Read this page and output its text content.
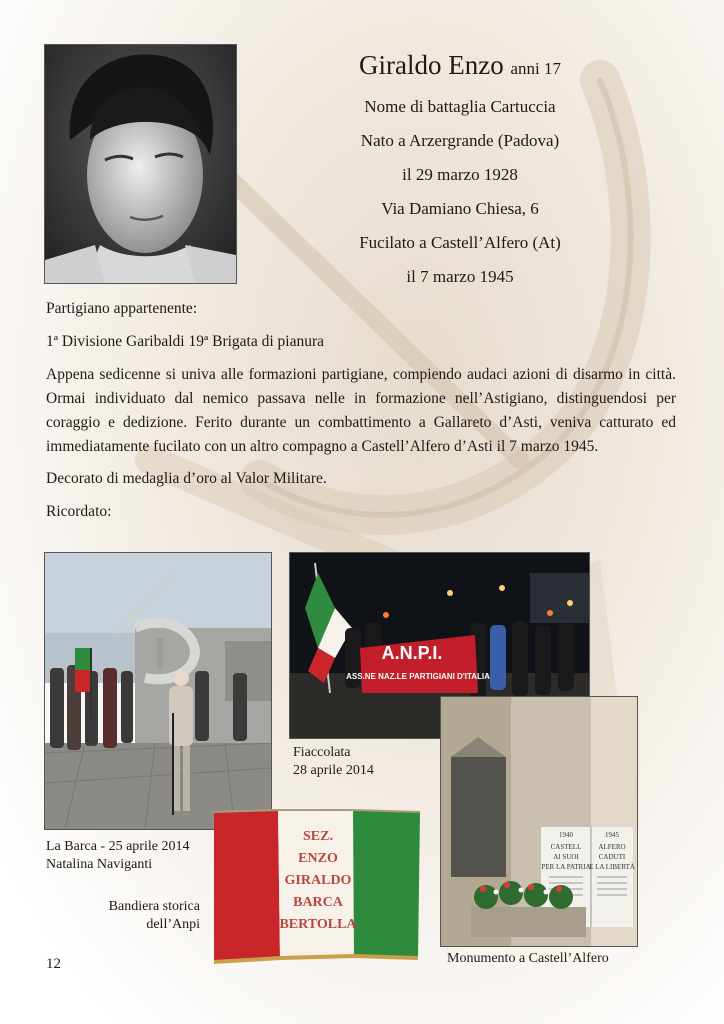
Giraldo Enzo anni 17
Nome di battaglia Cartuccia
Nato a Arzergrande (Padova)
il 29 marzo 1928
Via Damiano Chiesa, 6
Fucilato a Castell’Alfero (At)
il 7 marzo 1945

Partigiano appartenente:

1ª Divisione Garibaldi 19ª Brigata di pianura

Appena sedicenne si univa alle formazioni partigiane, compiendo audaci azioni di disarmo in città. Ormai individuato dal nemico passava nelle in formazione nell’Astigiano, distinguendosi per coraggio e dedizione. Ferito durante un combattimento a Gallareto d’Asti, veniva catturato ed immediatamente fucilato con un altro compagno a Castell’Alfero d’Asti il 7 marzo 1945.

Decorato di medaglia d’oro al Valor Militare.

Ricordato:

La Barca - 25 aprile 2014
Natalina Naviganti
A.N.P.I.
ASS.NE NAZ.LE PARTIGIANI D'ITALIA
Fiaccolata
28 aprile 2014
1940
CASTELL
AI SUOI
PER LA PATRIA
1945
ALFERO
CADUTI
E LA LIBERTÀ
Monumento a Castell’Alfero
SEZ.
ENZO
GIRALDO
BARCA
BERTOLLA
Bandiera storica
dell’Anpi
12
